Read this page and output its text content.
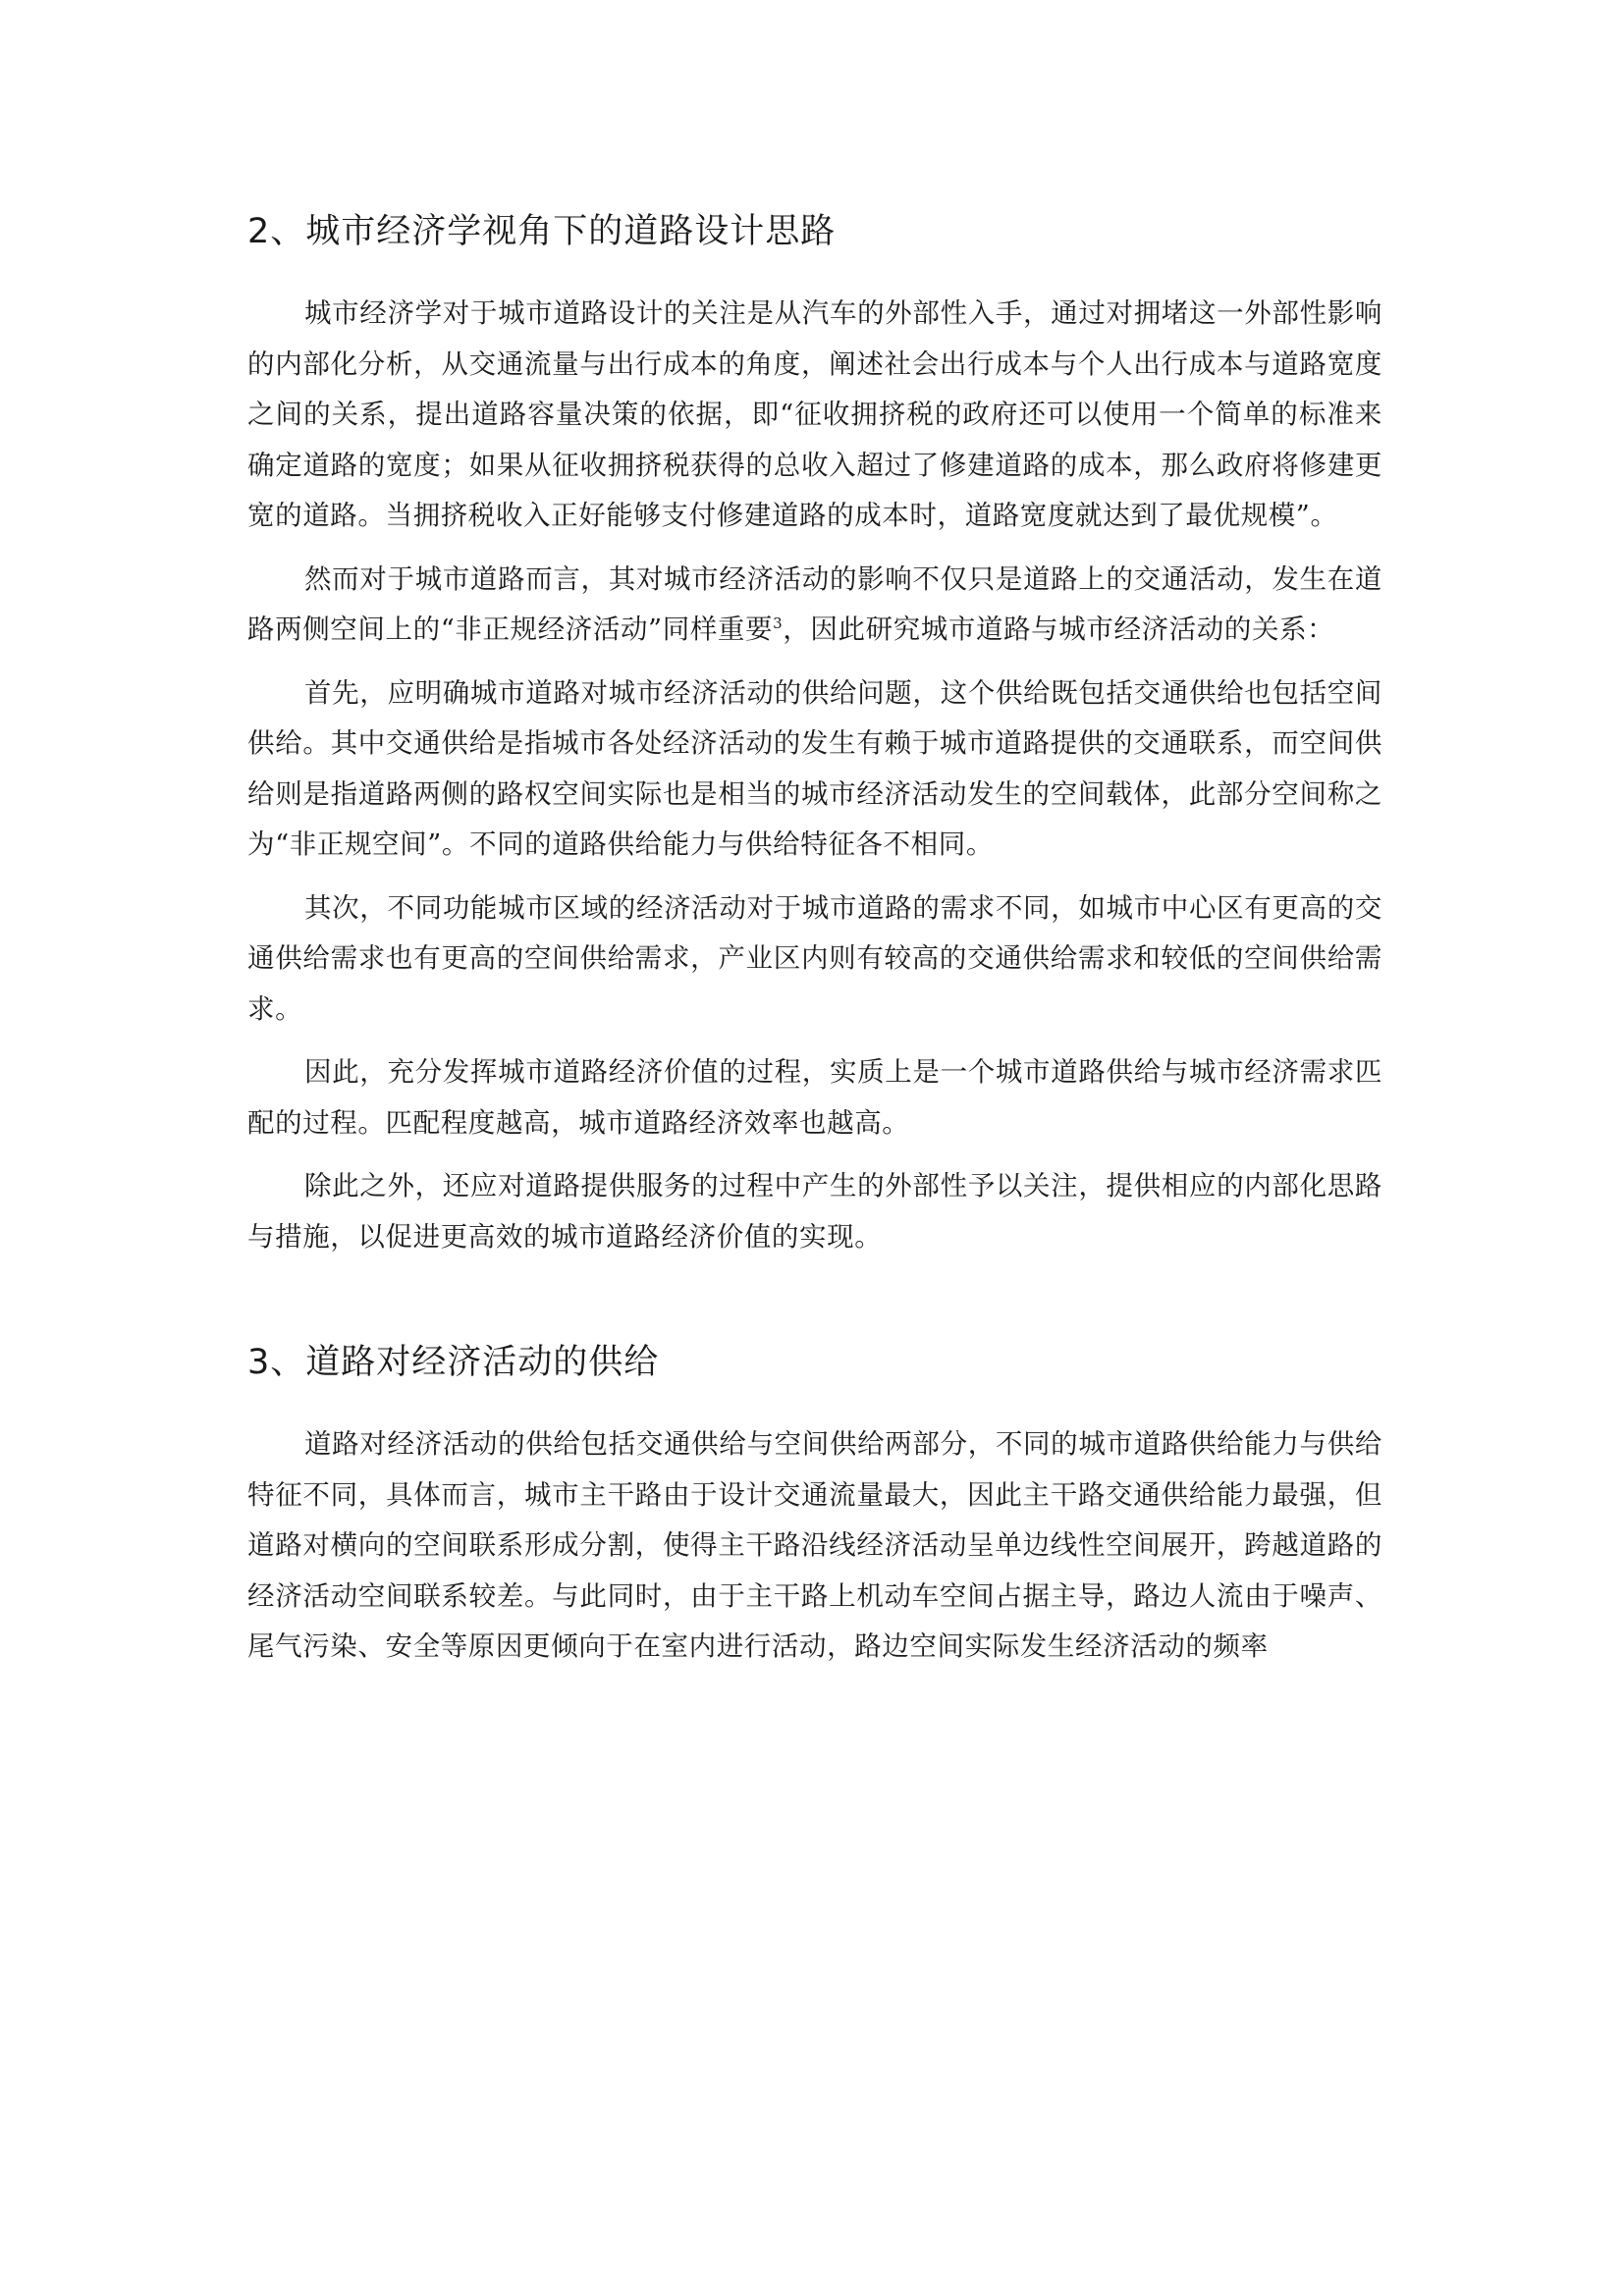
2、城市经济学视角下的道路设计思路

城市经济学对于城市道路设计的关注是从汽车的外部性入手，通过对拥堵这一外部性影响的内部化分析，从交通流量与出行成本的角度，阐述社会出行成本与个人出行成本与道路宽度之间的关系，提出道路容量决策的依据，即“征收拥挤税的政府还可以使用一个简单的标准来确定道路的宽度；如果从征收拥挤税获得的总收入超过了修建道路的成本，那么政府将修建更宽的道路。当拥挤税收入正好能够支付修建道路的成本时，道路宽度就达到了最优规模”。

然而对于城市道路而言，其对城市经济活动的影响不仅只是道路上的交通活动，发生在道路两侧空间上的“非正规经济活动”同样重要$^3$，因此研究城市道路与城市经济活动的关系：

首先，应明确城市道路对城市经济活动的供给问题，这个供给既包括交通供给也包括空间供给。其中交通供给是指城市各处经济活动的发生有赖于城市道路提供的交通联系，而空间供给则是指道路两侧的路权空间实际也是相当的城市经济活动发生的空间载体，此部分空间称之为“非正规空间”。不同的道路供给能力与供给特征各不相同。

其次，不同功能城市区域的经济活动对于城市道路的需求不同，如城市中心区有更高的交通供给需求也有更高的空间供给需求，产业区内则有较高的交通供给需求和较低的空间供给需求。

因此，充分发挥城市道路经济价值的过程，实质上是一个城市道路供给与城市经济需求匹配的过程。匹配程度越高，城市道路经济效率也越高。

除此之外，还应对道路提供服务的过程中产生的外部性予以关注，提供相应的内部化思路与措施，以促进更高效的城市道路经济价值的实现。

3、道路对经济活动的供给

道路对经济活动的供给包括交通供给与空间供给两部分，不同的城市道路供给能力与供给特征不同，具体而言，城市主干路由于设计交通流量最大，因此主干路交通供给能力最强，但道路对横向的空间联系形成分割，使得主干路沿线经济活动呈单边线性空间展开，跨越道路的经济活动空间联系较差。与此同时，由于主干路上机动车空间占据主导，路边人流由于噪声、尾气污染、安全等原因更倾向于在室内进行活动，路边空间实际发生经济活动的频率
